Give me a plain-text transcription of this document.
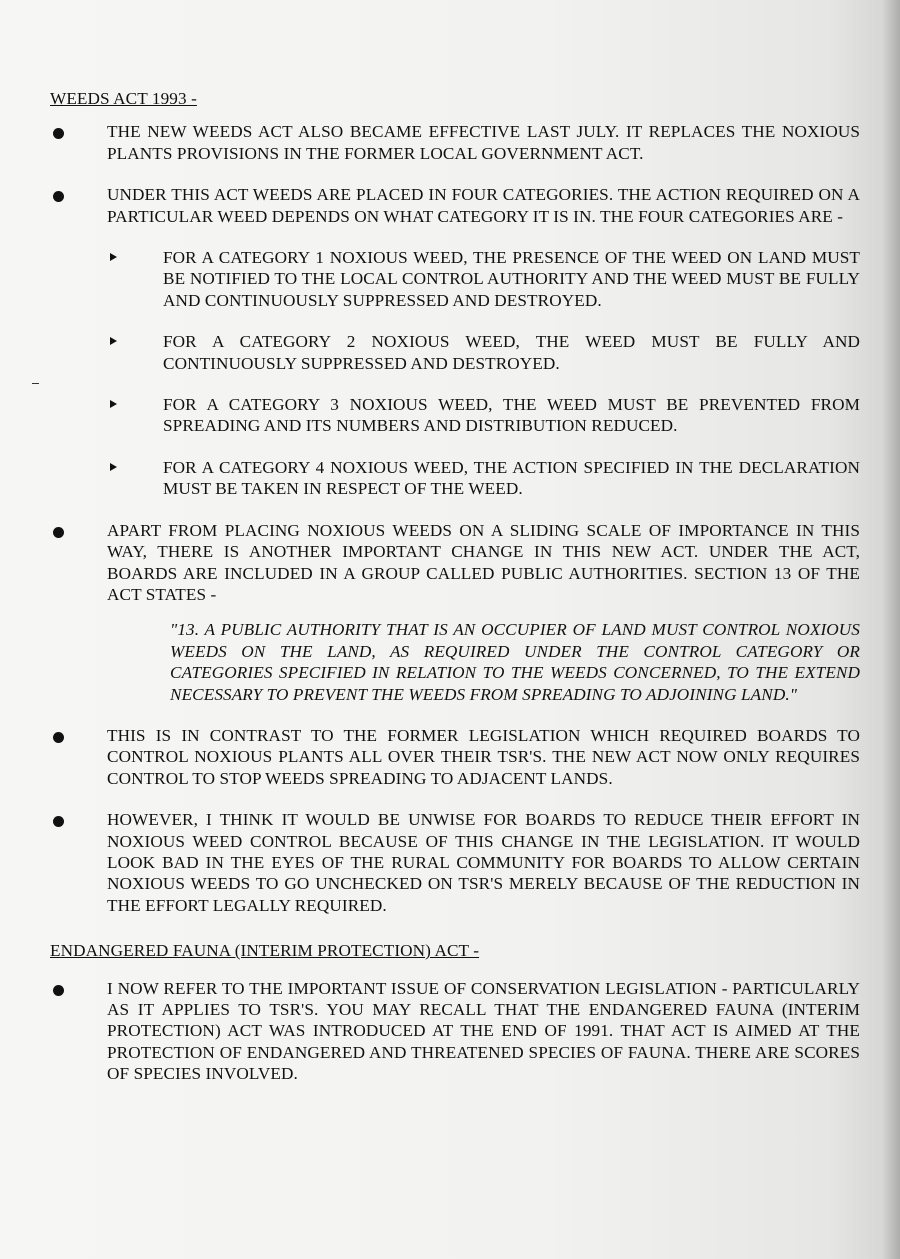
WEEDS ACT 1993 -
THE NEW WEEDS ACT ALSO BECAME EFFECTIVE LAST JULY. IT REPLACES THE NOXIOUS PLANTS PROVISIONS IN THE FORMER LOCAL GOVERNMENT ACT.
UNDER THIS ACT WEEDS ARE PLACED IN FOUR CATEGORIES. THE ACTION REQUIRED ON A PARTICULAR WEED DEPENDS ON WHAT CATEGORY IT IS IN. THE FOUR CATEGORIES ARE -
FOR A CATEGORY 1 NOXIOUS WEED, THE PRESENCE OF THE WEED ON LAND MUST BE NOTIFIED TO THE LOCAL CONTROL AUTHORITY AND THE WEED MUST BE FULLY AND CONTINUOUSLY SUPPRESSED AND DESTROYED.
FOR A CATEGORY 2 NOXIOUS WEED, THE WEED MUST BE FULLY AND CONTINUOUSLY SUPPRESSED AND DESTROYED.
FOR A CATEGORY 3 NOXIOUS WEED, THE WEED MUST BE PREVENTED FROM SPREADING AND ITS NUMBERS AND DISTRIBUTION REDUCED.
FOR A CATEGORY 4 NOXIOUS WEED, THE ACTION SPECIFIED IN THE DECLARATION MUST BE TAKEN IN RESPECT OF THE WEED.
APART FROM PLACING NOXIOUS WEEDS ON A SLIDING SCALE OF IMPORTANCE IN THIS WAY, THERE IS ANOTHER IMPORTANT CHANGE IN THIS NEW ACT. UNDER THE ACT, BOARDS ARE INCLUDED IN A GROUP CALLED PUBLIC AUTHORITIES. SECTION 13 OF THE ACT STATES -
"13. A PUBLIC AUTHORITY THAT IS AN OCCUPIER OF LAND MUST CONTROL NOXIOUS WEEDS ON THE LAND, AS REQUIRED UNDER THE CONTROL CATEGORY OR CATEGORIES SPECIFIED IN RELATION TO THE WEEDS CONCERNED, TO THE EXTEND NECESSARY TO PREVENT THE WEEDS FROM SPREADING TO ADJOINING LAND."
THIS IS IN CONTRAST TO THE FORMER LEGISLATION WHICH REQUIRED BOARDS TO CONTROL NOXIOUS PLANTS ALL OVER THEIR TSR'S. THE NEW ACT NOW ONLY REQUIRES CONTROL TO STOP WEEDS SPREADING TO ADJACENT LANDS.
HOWEVER, I THINK IT WOULD BE UNWISE FOR BOARDS TO REDUCE THEIR EFFORT IN NOXIOUS WEED CONTROL BECAUSE OF THIS CHANGE IN THE LEGISLATION. IT WOULD LOOK BAD IN THE EYES OF THE RURAL COMMUNITY FOR BOARDS TO ALLOW CERTAIN NOXIOUS WEEDS TO GO UNCHECKED ON TSR'S MERELY BECAUSE OF THE REDUCTION IN THE EFFORT LEGALLY REQUIRED.
ENDANGERED FAUNA (INTERIM PROTECTION) ACT -
I NOW REFER TO THE IMPORTANT ISSUE OF CONSERVATION LEGISLATION - PARTICULARLY AS IT APPLIES TO TSR'S. YOU MAY RECALL THAT THE ENDANGERED FAUNA (INTERIM PROTECTION) ACT WAS INTRODUCED AT THE END OF 1991. THAT ACT IS AIMED AT THE PROTECTION OF ENDANGERED AND THREATENED SPECIES OF FAUNA. THERE ARE SCORES OF SPECIES INVOLVED.
